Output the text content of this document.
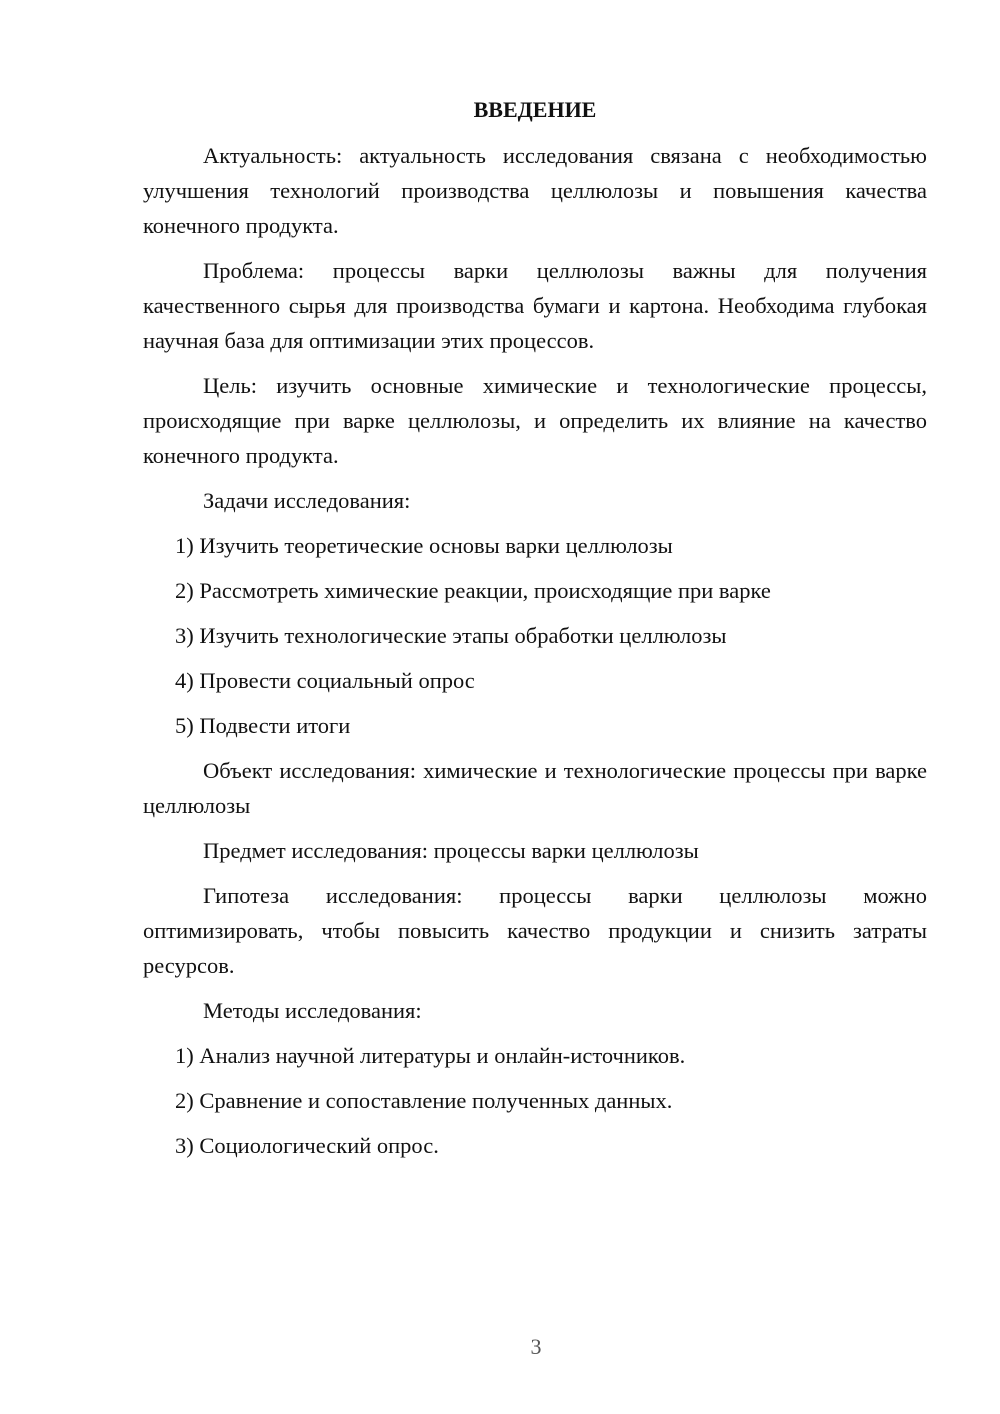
ВВЕДЕНИЕ

Актуальность: актуальность исследования связана с необходимостью улучшения технологий производства целлюлозы и повышения качества конечного продукта.

Проблема: процессы варки целлюлозы важны для получения качественного сырья для производства бумаги и картона. Необходима глубокая научная база для оптимизации этих процессов.

Цель: изучить основные химические и технологические процессы, происходящие при варке целлюлозы, и определить их влияние на качество конечного продукта.

Задачи исследования:

1) Изучить теоретические основы варки целлюлозы
2) Рассмотреть химические реакции, происходящие при варке
3) Изучить технологические этапы обработки целлюлозы
4) Провести социальный опрос
5) Подвести итоги

Объект исследования: химические и технологические процессы при варке целлюлозы

Предмет исследования: процессы варки целлюлозы

Гипотеза исследования: процессы варки целлюлозы можно оптимизировать, чтобы повысить качество продукции и снизить затраты ресурсов.

Методы исследования:

1) Анализ научной литературы и онлайн-источников.
2) Сравнение и сопоставление полученных данных.
3) Социологический опрос.
3
